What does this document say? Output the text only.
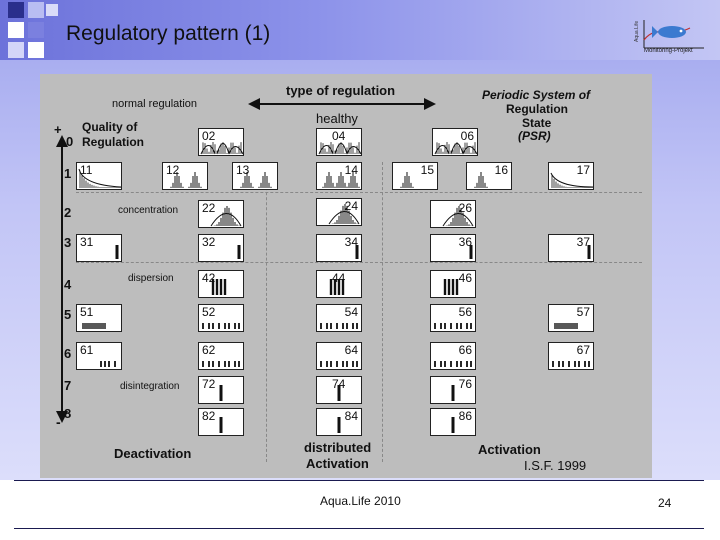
Regulatory pattern (1)	Aqua.Life
Monitoring-Projekt
normal regulation
type of regulation
healthy
Periodic System of
Regulation
State
(PSR)
Quality of
Regulation
+
-
0
1
2
3
4
5
6
7
8
concentration
dispersion
disintegration
Deactivation	distributed
Activation
Activation
I.S.F. 1999
02	04	06
11	12	13	14	15	16	17
22	24	26
31	32	34	36	37
42	44	46
51	52	54	56	57
61	62	64	66	67
72	74	76
82	84	86
Aqua.Life 2010	24
